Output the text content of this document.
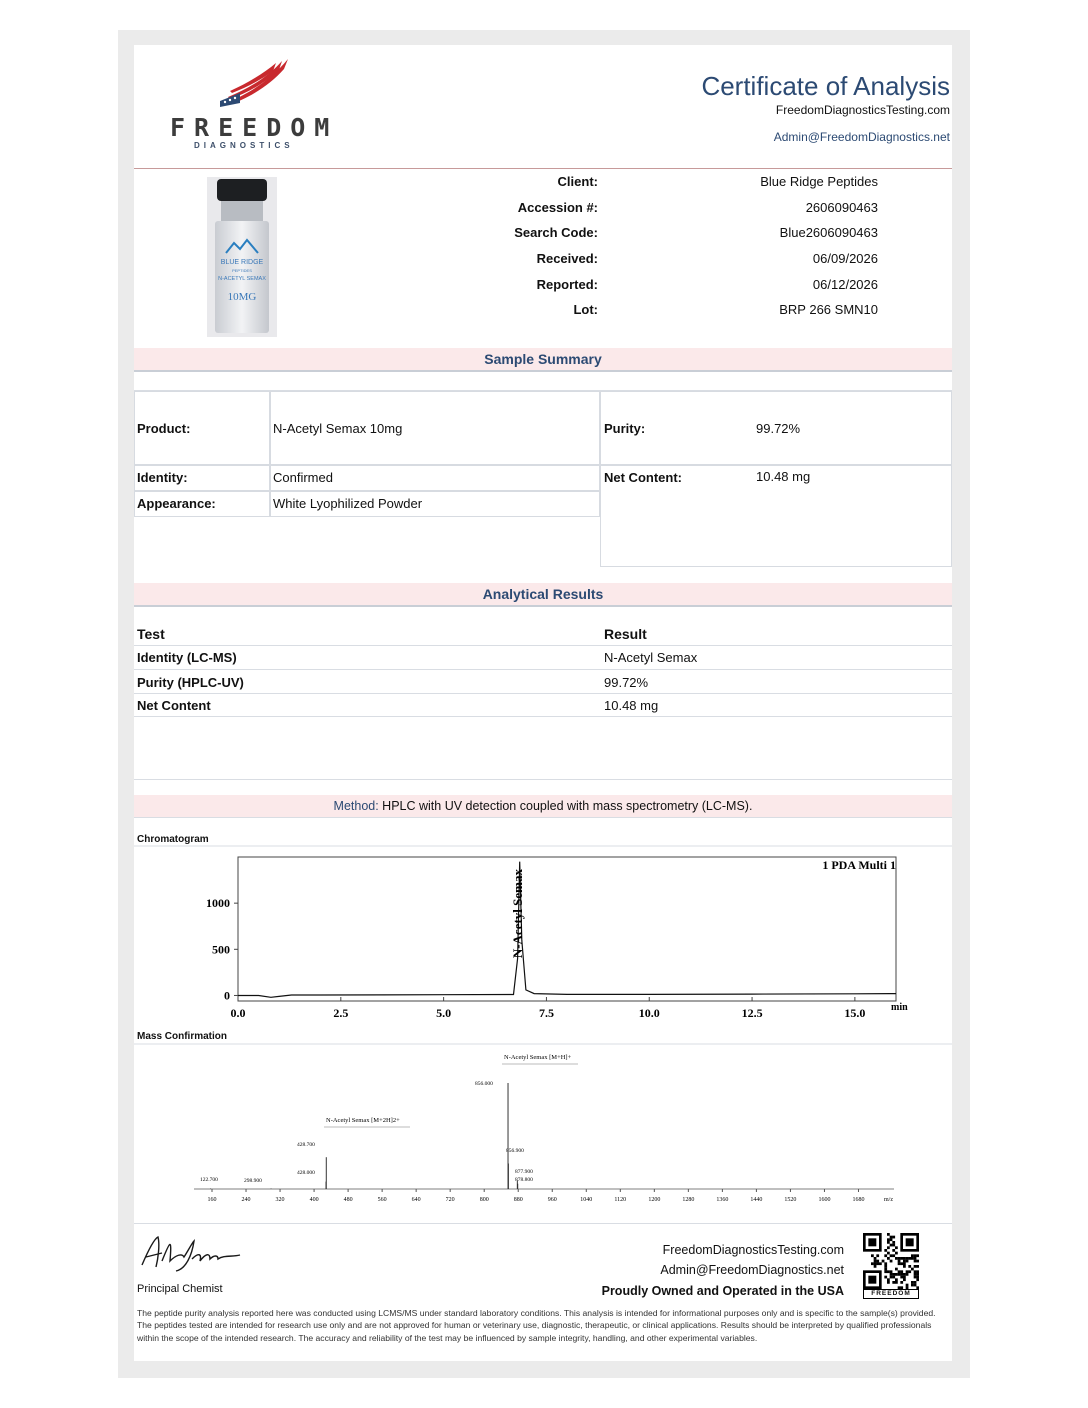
FREEDOM
DIAGNOSTICS
Certificate of Analysis
FreedomDiagnosticsTesting.com
Admin@FreedomDiagnostics.net
BLUE RIDGE
PEPTIDES
N-ACETYL SEMAX
10MG
Client:	Blue Ridge Peptides
Accession #:	2606090463
Search Code:	Blue2606090463
Received:	06/09/2026
Reported:	06/12/2026
Lot:	BRP 266 SMN10
Sample Summary
Product:	N-Acetyl Semax 10mg	Purity:	99.72%
Identity:	Confirmed	Net Content:	10.48 mg
Appearance:	White Lyophilized Powder
Analytical Results
Test	Result
Identity (LC-MS)	N-Acetyl Semax
Purity (HPLC-UV)	99.72%
Net Content	10.48 mg
Method: HPLC with UV detection coupled with mass spectrometry (LC-MS).
Chromatogram
0
500
1000
0.0	2.5	5.0	7.5	10.0	12.5	15.0
1 PDA Multi 1
N-Acetyl Semax
min
Mass Confirmation
160	240	320	400	480	560	640	720	800	880	960	1040	1120	1200	1280	1360	1440	1520	1600	1680
N-Acetyl Semax [M+H]+
N-Acetyl Semax [M+2H]2+
856.000
856.900
428.700
428.000	877.900
878.800
122.700	298.900
m/z
Principal Chemist
FreedomDiagnosticsTesting.com
Admin@FreedomDiagnostics.net
Proudly Owned and Operated in the USA	FREEDOM
The peptide purity analysis reported here was conducted using LCMS/MS under standard laboratory conditions. This analysis is intended for informational purposes only and is specific to the sample(s) provided. The peptides tested are intended for research use only and are not approved for human or veterinary use, diagnostic, therapeutic, or clinical applications. Results should be interpreted by qualified professionals within the scope of the intended research. The accuracy and reliability of the test may be influenced by sample integrity, handling, and other experimental variables.
